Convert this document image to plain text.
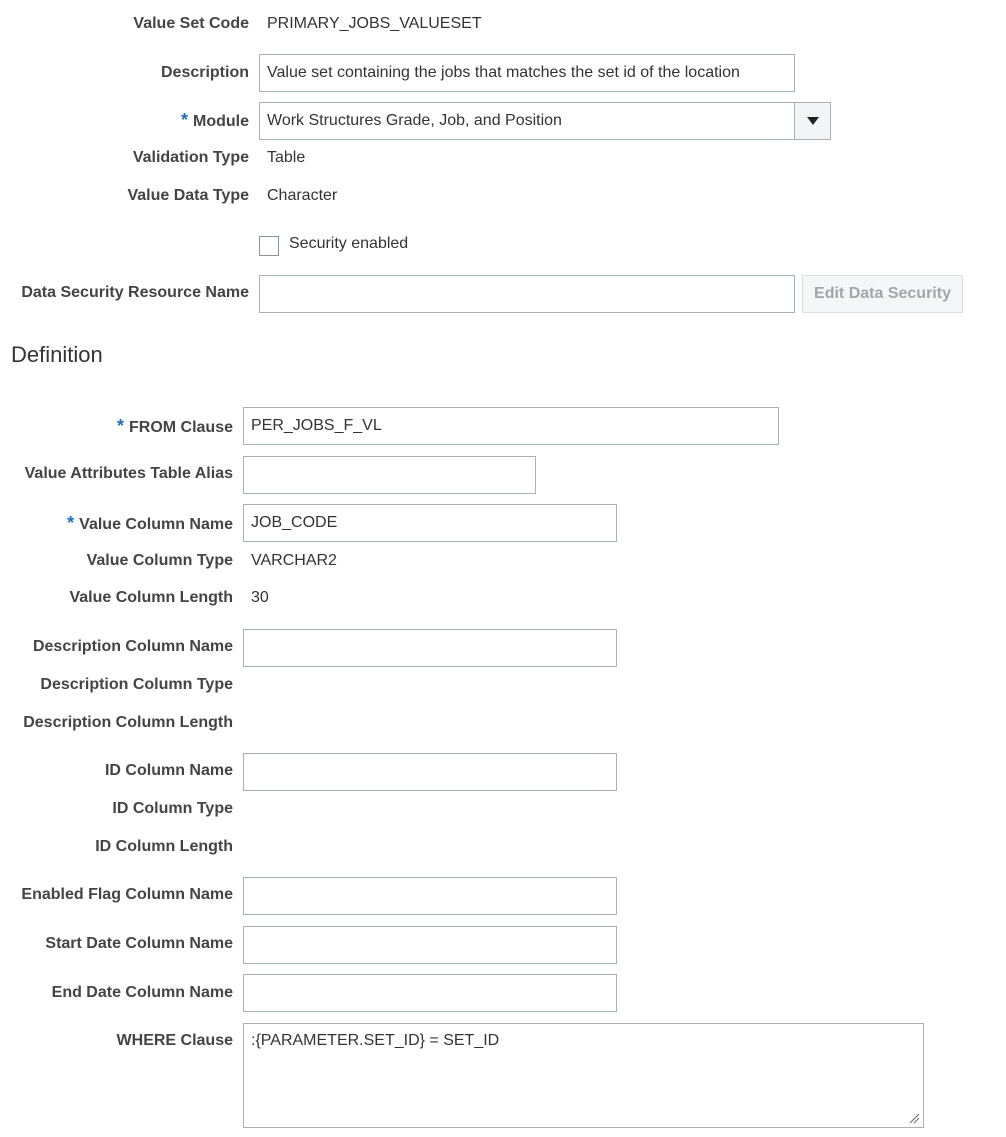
Value Set Code PRIMARY_JOBS_VALUESET
Description
Value set containing the jobs that matches the set id of the location
* Module
Work Structures Grade, Job, and Position
Validation Type Table
Value Data Type Character
Security enabled
Data Security Resource Name	Edit Data Security
Definition
* FROM Clause
PER_JOBS_F_VL
Value Attributes Table Alias
* Value Column Name
JOB_CODE
Value Column Type VARCHAR2
Value Column Length 30
Description Column Name
Description Column Type
Description Column Length
ID Column Name
ID Column Type
ID Column Length
Enabled Flag Column Name
Start Date Column Name
End Date Column Name
WHERE Clause
:{PARAMETER.SET_ID} = SET_ID
